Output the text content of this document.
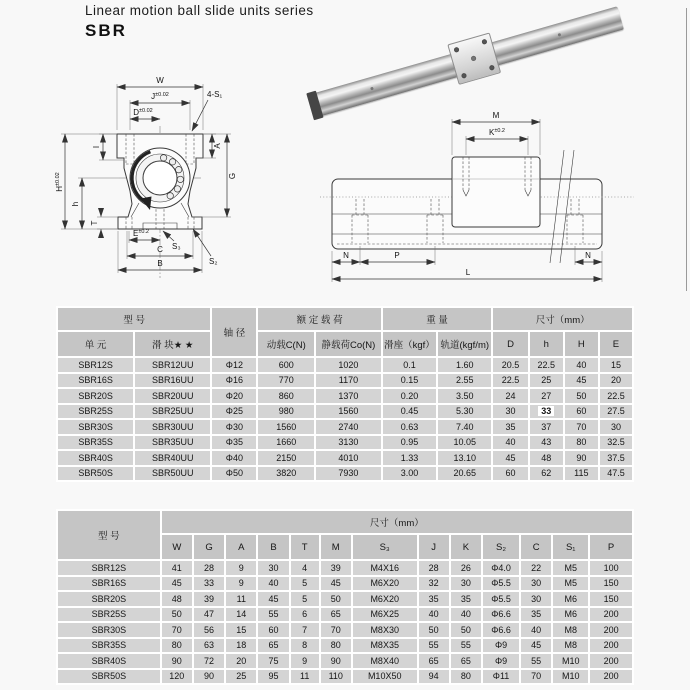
Linear motion ball slide units series
SBR
W
$J^{\pm 0.02}$
$D^{\pm 0.02}$
4-S₁
I	A
G
$H^{\pm 0.02}$
h
T
$E^{\pm 0.2}$
S₃
C
B	S₂
M
$K^{\pm 0.2}$
N	P	N
L
型 号		轴 径	额 定 载 荷		重 量		尺寸（mm）			
单 元	滑 块★ ★		动载C(N)	静载荷Co(N)	滑座（kgf）	轨道(kgf/m)	D	h	H	E
SBR12S	SBR12UU	Φ12	600	1020	0.1	1.60	20.5	22.5	40	15
SBR16S	SBR16UU	Φ16	770	1170	0.15	2.55	22.5	25	45	20
SBR20S	SBR20UU	Φ20	860	1370	0.20	3.50	24	27	50	22.5
SBR25S	SBR25UU	Φ25	980	1560	0.45	5.30	30	33	60	27.5
SBR30S	SBR30UU	Φ30	1560	2740	0.63	7.40	35	37	70	30
SBR35S	SBR35UU	Φ35	1660	3130	0.95	10.05	40	43	80	32.5
SBR40S	SBR40UU	Φ40	2150	4010	1.33	13.10	45	48	90	37.5
SBR50S	SBR50UU	Φ50	3820	7930	3.00	20.65	60	62	115	47.5
型 号	尺寸（mm）												
	W	G	A	B	T	M	S₃	J	K	S₂	C	S₁	P
SBR12S	41	28	9	30	4	39	M4X16	28	26	Φ4.0	22	M5	100
SBR16S	45	33	9	40	5	45	M6X20	32	30	Φ5.5	30	M5	150
SBR20S	48	39	11	45	5	50	M6X20	35	35	Φ5.5	30	M6	150
SBR25S	50	47	14	55	6	65	M6X25	40	40	Φ6.6	35	M6	200
SBR30S	70	56	15	60	7	70	M8X30	50	50	Φ6.6	40	M8	200
SBR35S	80	63	18	65	8	80	M8X35	55	55	Φ9	45	M8	200
SBR40S	90	72	20	75	9	90	M8X40	65	65	Φ9	55	M10	200
SBR50S	120	90	25	95	11	110	M10X50	94	80	Φ11	70	M10	200
